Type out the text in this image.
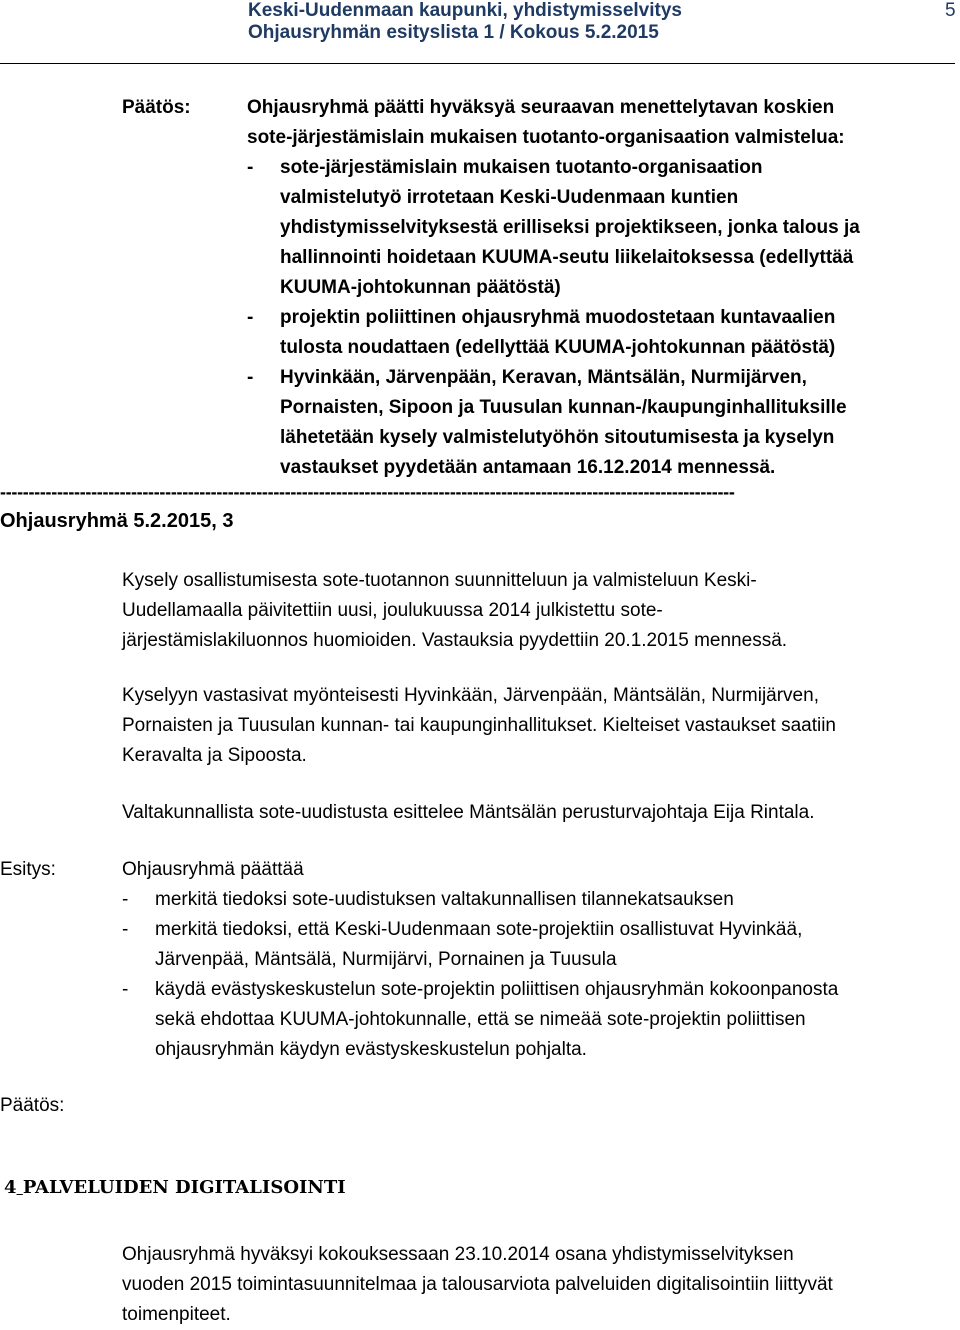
Keski-Uudenmaan kaupunki, yhdistymisselvitys
Ohjausryhmän esityslista 1 / Kokous 5.2.2015
5
Päätös:	Ohjausryhmä päätti hyväksyä seuraavan menettelytavan koskien
sote-järjestämislain mukaisen tuotanto-organisaation valmistelua:
- sote-järjestämislain mukaisen tuotanto-organisaation
valmistelutyö irrotetaan Keski-Uudenmaan kuntien
yhdistymisselvityksestä erilliseksi projektikseen, jonka talous ja
hallinnointi hoidetaan KUUMA-seutu liikelaitoksessa (edellyttää
KUUMA-johtokunnan päätöstä)
- projektin poliittinen ohjausryhmä muodostetaan kuntavaalien
tulosta noudattaen (edellyttää KUUMA-johtokunnan päätöstä)
- Hyvinkään, Järvenpään, Keravan, Mäntsälän, Nurmijärven,
Pornaisten, Sipoon ja Tuusulan kunnan-/kaupunginhallituksille
lähetetään kysely valmistelutyöhön sitoutumisesta ja kyselyn
vastaukset pyydetään antamaan 16.12.2014 mennessä.
---------------------------------------------------------------------------------------------------------------------------------
Ohjausryhmä 5.2.2015, 3
Kysely osallistumisesta sote-tuotannon suunnitteluun ja valmisteluun Keski-
Uudellamaalla päivitettiin uusi, joulukuussa 2014 julkistettu sote-
järjestämislakiluonnos huomioiden. Vastauksia pyydettiin 20.1.2015 mennessä.
Kyselyyn vastasivat myönteisesti Hyvinkään, Järvenpään, Mäntsälän, Nurmijärven,
Pornaisten ja Tuusulan kunnan- tai kaupunginhallitukset. Kielteiset vastaukset saatiin
Keravalta ja Sipoosta.
Valtakunnallista sote-uudistusta esittelee Mäntsälän perusturvajohtaja Eija Rintala.
Esitys:	Ohjausryhmä päättää
- merkitä tiedoksi sote-uudistuksen valtakunnallisen tilannekatsauksen
- merkitä tiedoksi, että Keski-Uudenmaan sote-projektiin osallistuvat Hyvinkää,
Järvenpää, Mäntsälä, Nurmijärvi, Pornainen ja Tuusula
- käydä evästyskeskustelun sote-projektin poliittisen ohjausryhmän kokoonpanosta
sekä ehdottaa KUUMA-johtokunnalle, että se nimeää sote-projektin poliittisen
ohjausryhmän käydyn evästyskeskustelun pohjalta.
Päätös:
4 PALVELUIDEN DIGITALISOINTI
Ohjausryhmä hyväksyi kokouksessaan 23.10.2014 osana yhdistymisselvityksen
vuoden 2015 toimintasuunnitelmaa ja talousarviota palveluiden digitalisointiin liittyvät
toimenpiteet.
